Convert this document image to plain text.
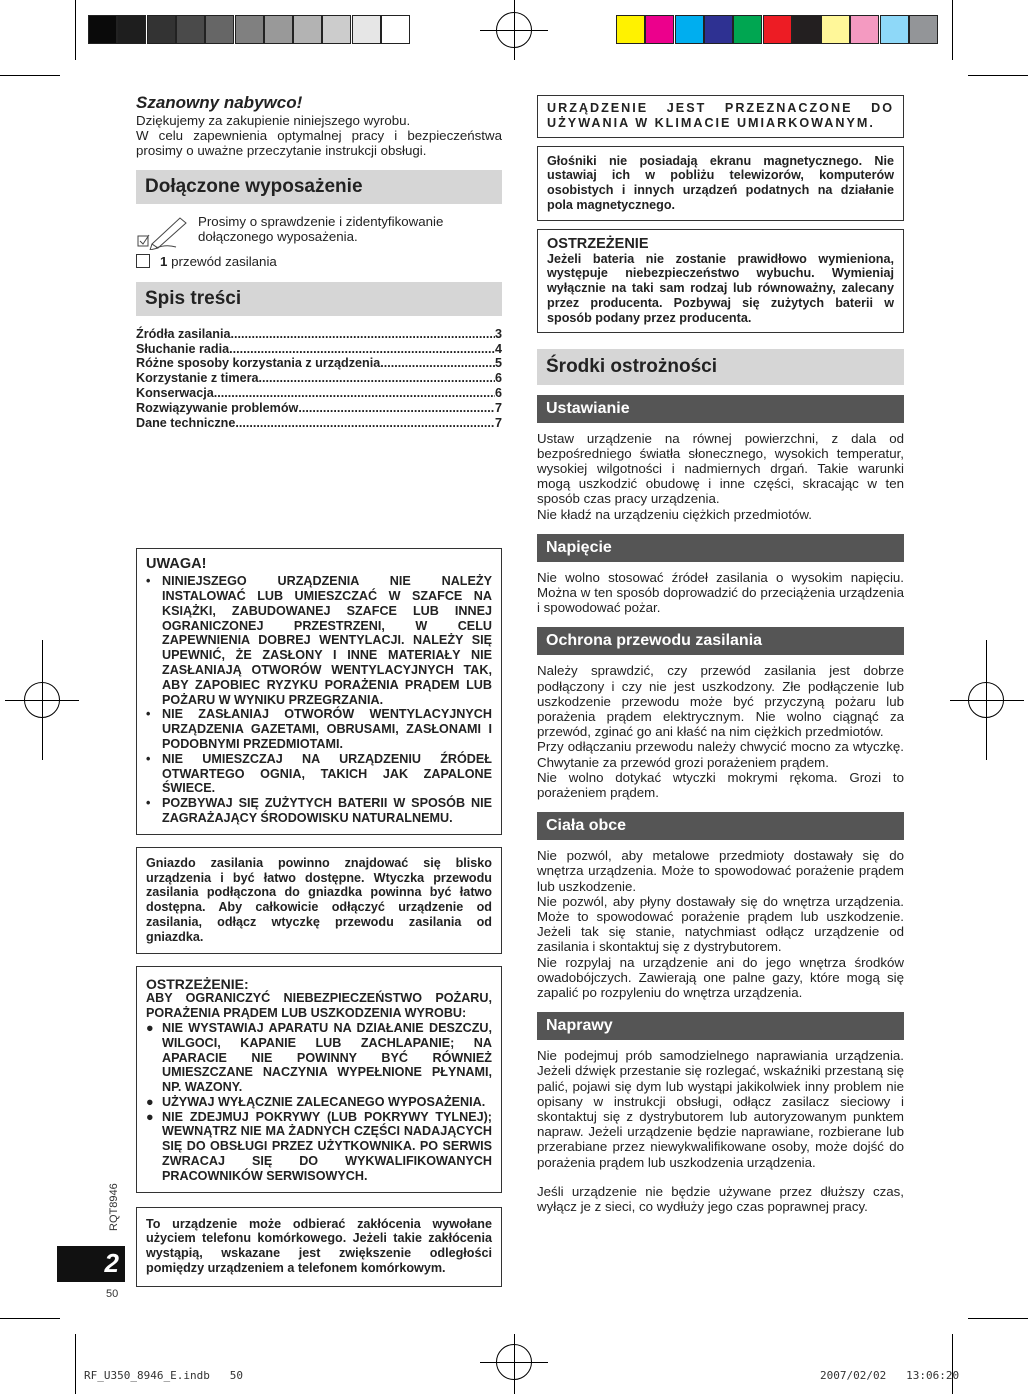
Szanowny nabywco!

Dziękujemy za zakupienie niniejszego wyrobu.

W celu zapewnienia optymalnej pracy i bezpieczeństwa prosimy o uważne przeczytanie instrukcji obsługi.

Dołączone wyposażenie
Prosimy o sprawdzenie i zidentyfikowanie dołączonego wyposażenia.
1
przewód zasilania
Spis treści
Źródła zasilania .....	3
Słuchanie radia .....	4
Różne sposoby korzystania z urządzenia .....	5
Korzystanie z timera .....	6
Konserwacja .....	6
Rozwiązywanie problemów .....	7
Dane techniczne .....	7
UWAGA!
• NINIEJSZEGO URZĄDZENIA NIE NALEŻY INSTALOWAĆ LUB UMIESZCZAĆ W SZAFCE NA KSIĄŻKI, ZABUDOWANEJ SZAFCE LUB INNEJ OGRANICZONEJ PRZESTRZENI, W CELU ZAPEWNIENIA DOBREJ WENTYLACJI. NALEŻY SIĘ UPEWNIĆ, ŻE ZASŁONY I INNE MATERIAŁY NIE ZASŁANIAJĄ OTWORÓW WENTYLACYJNYCH TAK, ABY ZAPOBIEC RYZYKU PORAŻENIA PRĄDEM LUB POŻARU W WYNIKU PRZEGRZANIA.
• NIE ZASŁANIAJ OTWORÓW WENTYLACYJNYCH URZĄDZENIA GAZETAMI, OBRUSAMI, ZASŁONAMI I PODOBNYMI PRZEDMIOTAMI.
• NIE UMIESZCZAJ NA URZĄDZENIU ŹRÓDEŁ OTWARTEGO OGNIA, TAKICH JAK ZAPALONE ŚWIECE.
• POZBYWAJ SIĘ ZUŻYTYCH BATERII W SPOSÓB NIE ZAGRAŻAJĄCY ŚRODOWISKU NATURALNEMU.
Gniazdo zasilania powinno znajdować się blisko urządzenia i być łatwo dostępne. Wtyczka przewodu zasilania podłączona do gniazdka powinna być łatwo dostępna. Aby całkowicie odłączyć urządzenie od zasilania, odłącz wtyczkę przewodu zasilania od gniazdka.
OSTRZEŻENIE:
ABY OGRANICZYĆ NIEBEZPIECZEŃSTWO POŻARU, PORAŻENIA PRĄDEM LUB USZKODZENIA WYROBU:
● NIE WYSTAWIAJ APARATU NA DZIAŁANIE DESZCZU, WILGOCI, KAPANIE LUB ZACHLAPANIE; NA APARACIE NIE POWINNY BYĆ RÓWNIEŻ UMIESZCZANE NACZYNIA WYPEŁNIONE PŁYNAMI, NP. WAZONY.
● UŻYWAJ WYŁĄCZNIE ZALECANEGO WYPOSAŻENIA.
● NIE ZDEJMUJ POKRYWY (LUB POKRYWY TYLNEJ); WEWNĄTRZ NIE MA ŻADNYCH CZĘŚCI NADAJĄCYCH SIĘ DO OBSŁUGI PRZEZ UŻYTKOWNIKA. PO SERWIS ZWRACAJ SIĘ DO WYKWALIFIKOWANYCH PRACOWNIKÓW SERWISOWYCH.
To urządzenie może odbierać zakłócenia wywołane użyciem telefonu komórkowego. Jeżeli takie zakłócenia wystąpią, wskazane jest zwiększenie odległości pomiędzy urządzeniem a telefonem komórkowym.
RQT8946
2
50
URZĄDZENIE JEST PRZEZNACZONE DO UŻYWANIA W KLIMACIE UMIARKOWANYM.
Głośniki nie posiadają ekranu magnetycznego. Nie ustawiaj ich w pobliżu telewizorów, komputerów osobistych i innych urządzeń podatnych na działanie pola magnetycznego.
OSTRZEŻENIE
Jeżeli bateria nie zostanie prawidłowo wymieniona, występuje niebezpieczeństwo wybuchu. Wymieniaj wyłącznie na taki sam rodzaj lub równoważny, zalecany przez producenta. Pozbywaj się zużytych baterii w sposób podany przez producenta.
Środki ostrożności
Ustawianie

Ustaw urządzenie na równej powierzchni, z dala od bezpośredniego światła słonecznego, wysokich temperatur, wysokiej wilgotności i nadmiernych drgań. Takie warunki mogą uszkodzić obudowę i inne części, skracając w ten sposób czas pracy urządzenia.

Nie kładź na urządzeniu ciężkich przedmiotów.

Napięcie

Nie wolno stosować źródeł zasilania o wysokim napięciu. Można w ten sposób doprowadzić do przeciążenia urządzenia i spowodować pożar.

Ochrona przewodu zasilania

Należy sprawdzić, czy przewód zasilania jest dobrze podłączony i czy nie jest uszkodzony. Złe podłączenie lub uszkodzenie przewodu może być przyczyną pożaru lub porażenia prądem elektrycznym. Nie wolno ciągnąć za przewód, zginać go ani kłaść na nim ciężkich przedmiotów.

Przy odłączaniu przewodu należy chwycić mocno za wtyczkę. Chwytanie za przewód grozi porażeniem prądem.

Nie wolno dotykać wtyczki mokrymi rękoma. Grozi to porażeniem prądem.

Ciała obce

Nie pozwól, aby metalowe przedmioty dostawały się do wnętrza urządzenia. Może to spowodować porażenie prądem lub uszkodzenie.

Nie pozwól, aby płyny dostawały się do wnętrza urządzenia. Może to spowodować porażenie prądem lub uszkodzenie. Jeżeli tak się stanie, natychmiast odłącz urządzenie od zasilania i skontaktuj się z dystrybutorem.

Nie rozpylaj na urządzenie ani do jego wnętrza środków owadobójczych. Zawierają one palne gazy, które mogą się zapalić po rozpyleniu do wnętrza urządzenia.

Naprawy

Nie podejmuj prób samodzielnego naprawiania urządzenia. Jeżeli dźwięk przestanie się rozlegać, wskaźniki przestaną się palić, pojawi się dym lub wystąpi jakikolwiek inny problem nie opisany w instrukcji obsługi, odłącz zasilacz sieciowy i skontaktuj się z dystrybutorem lub autoryzowanym punktem napraw. Jeżeli urządzenie będzie naprawiane, rozbierane lub przerabiane przez niewykwalifikowane osoby, może dojść do porażenia prądem lub uszkodzenia urządzenia.

Jeśli urządzenie nie będzie używane przez dłuższy czas, wyłącz je z sieci, co wydłuży jego czas poprawnej pracy.

RF_U350_8946_E.indb   50	2007/02/02   13:06:20
